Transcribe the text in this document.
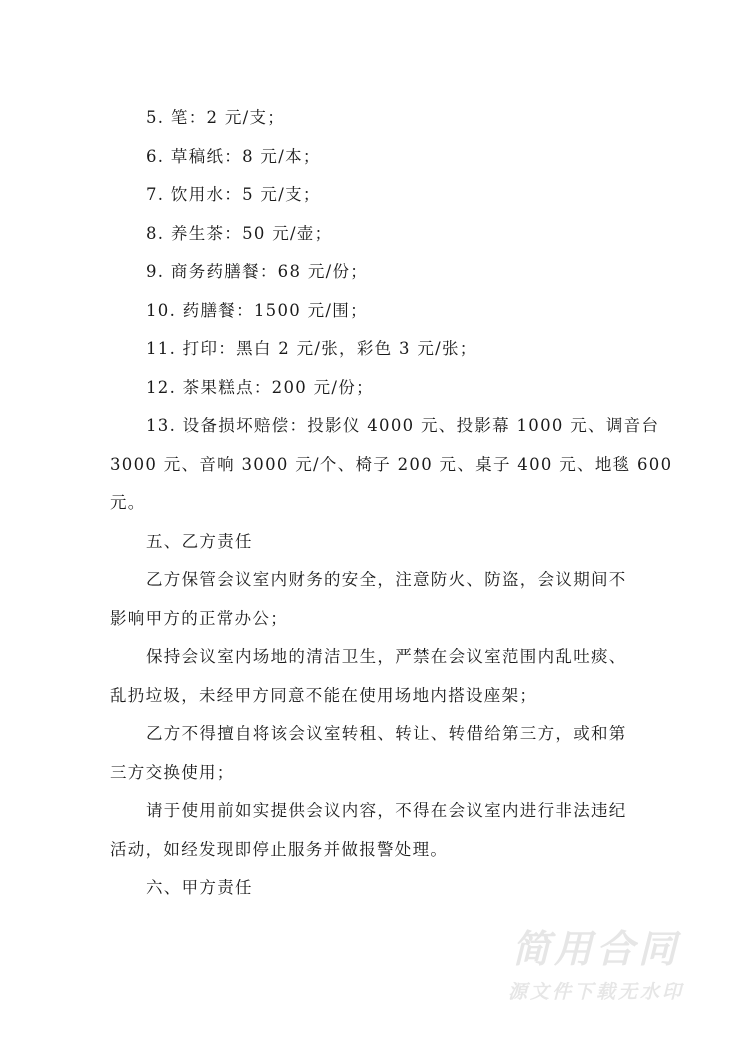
5. 笔：2 元/支；
6. 草稿纸：8 元/本；
7. 饮用水：5 元/支；
8. 养生茶：50 元/壶；
9. 商务药膳餐：68 元/份；
10. 药膳餐：1500 元/围；
11. 打印：黑白 2 元/张，彩色 3 元/张；
12. 茶果糕点：200 元/份；
13. 设备损坏赔偿：投影仪 4000 元、投影幕 1000 元、调音台
3000 元、音响 3000 元/个、椅子 200 元、桌子 400 元、地毯 600
元。
五、乙方责任
乙方保管会议室内财务的安全，注意防火、防盗，会议期间不
影响甲方的正常办公；
保持会议室内场地的清洁卫生，严禁在会议室范围内乱吐痰、
乱扔垃圾，未经甲方同意不能在使用场地内搭设座架；
乙方不得擅自将该会议室转租、转让、转借给第三方，或和第
三方交换使用；
请于使用前如实提供会议内容，不得在会议室内进行非法违纪
活动，如经发现即停止服务并做报警处理。
六、甲方责任
简用合同
源文件下载无水印
